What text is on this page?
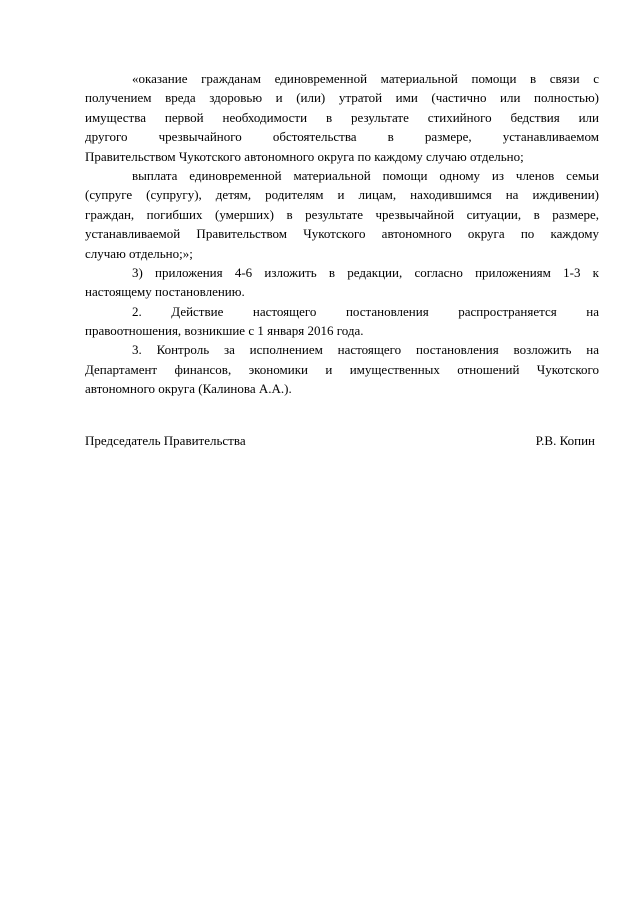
«оказание гражданам единовременной материальной помощи в связи с
получением вреда здоровью и (или) утратой ими (частично или полностью)
имущества первой необходимости в результате стихийного бедствия или
другого чрезвычайного обстоятельства в размере, устанавливаемом
Правительством Чукотского автономного округа по каждому случаю отдельно;
выплата единовременной материальной помощи одному из членов семьи
(супруге (супругу), детям, родителям и лицам, находившимся на иждивении)
граждан, погибших (умерших) в результате чрезвычайной ситуации, в размере,
устанавливаемой Правительством Чукотского автономного округа по каждому
случаю отдельно;»;
3) приложения 4-6 изложить в редакции, согласно приложениям 1-3 к
настоящему постановлению.
2. Действие настоящего постановления распространяется на
правоотношения, возникшие с 1 января 2016 года.
3. Контроль за исполнением настоящего постановления возложить на
Департамент финансов, экономики и имущественных отношений Чукотского
автономного округа (Калинова А.А.).
Председатель Правительства	Р.В. Копин
